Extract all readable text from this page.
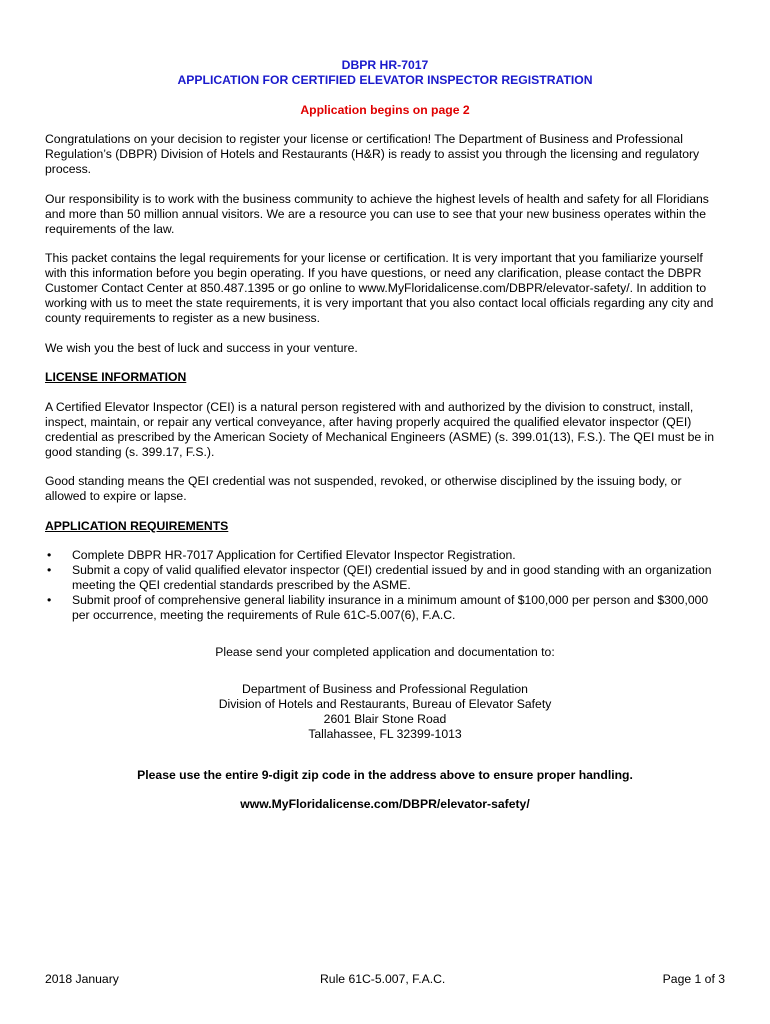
DBPR HR-7017
APPLICATION FOR CERTIFIED ELEVATOR INSPECTOR REGISTRATION
Application begins on page 2

Congratulations on your decision to register your license or certification! The Department of Business and Professional Regulation’s (DBPR) Division of Hotels and Restaurants (H&R) is ready to assist you through the licensing and regulatory process.

Our responsibility is to work with the business community to achieve the highest levels of health and safety for all Floridians and more than 50 million annual visitors. We are a resource you can use to see that your new business operates within the requirements of the law.

This packet contains the legal requirements for your license or certification. It is very important that you familiarize yourself with this information before you begin operating. If you have questions, or need any clarification, please contact the DBPR Customer Contact Center at 850.487.1395 or go online to www.MyFloridalicense.com/DBPR/elevator-safety/. In addition to working with us to meet the state requirements, it is very important that you also contact local officials regarding any city and county requirements to register as a new business.

We wish you the best of luck and success in your venture.

LICENSE INFORMATION

A Certified Elevator Inspector (CEI) is a natural person registered with and authorized by the division to construct, install, inspect, maintain, or repair any vertical conveyance, after having properly acquired the qualified elevator inspector (QEI) credential as prescribed by the American Society of Mechanical Engineers (ASME) (s. 399.01(13), F.S.). The QEI must be in good standing (s. 399.17, F.S.).

Good standing means the QEI credential was not suspended, revoked, or otherwise disciplined by the issuing body, or allowed to expire or lapse.

APPLICATION REQUIREMENTS
• Complete DBPR HR-7017 Application for Certified Elevator Inspector Registration.
• Submit a copy of valid qualified elevator inspector (QEI) credential issued by and in good standing with an organization meeting the QEI credential standards prescribed by the ASME.
• Submit proof of comprehensive general liability insurance in a minimum amount of $100,000 per person and $300,000 per occurrence, meeting the requirements of Rule 61C-5.007(6), F.A.C.
Please send your completed application and documentation to:
Department of Business and Professional Regulation
Division of Hotels and Restaurants, Bureau of Elevator Safety
2601 Blair Stone Road
Tallahassee, FL 32399-1013
Please use the entire 9-digit zip code in the address above to ensure proper handling.
www.MyFloridalicense.com/DBPR/elevator-safety/
2018 January	Rule 61C-5.007, F.A.C.	Page 1 of 3
